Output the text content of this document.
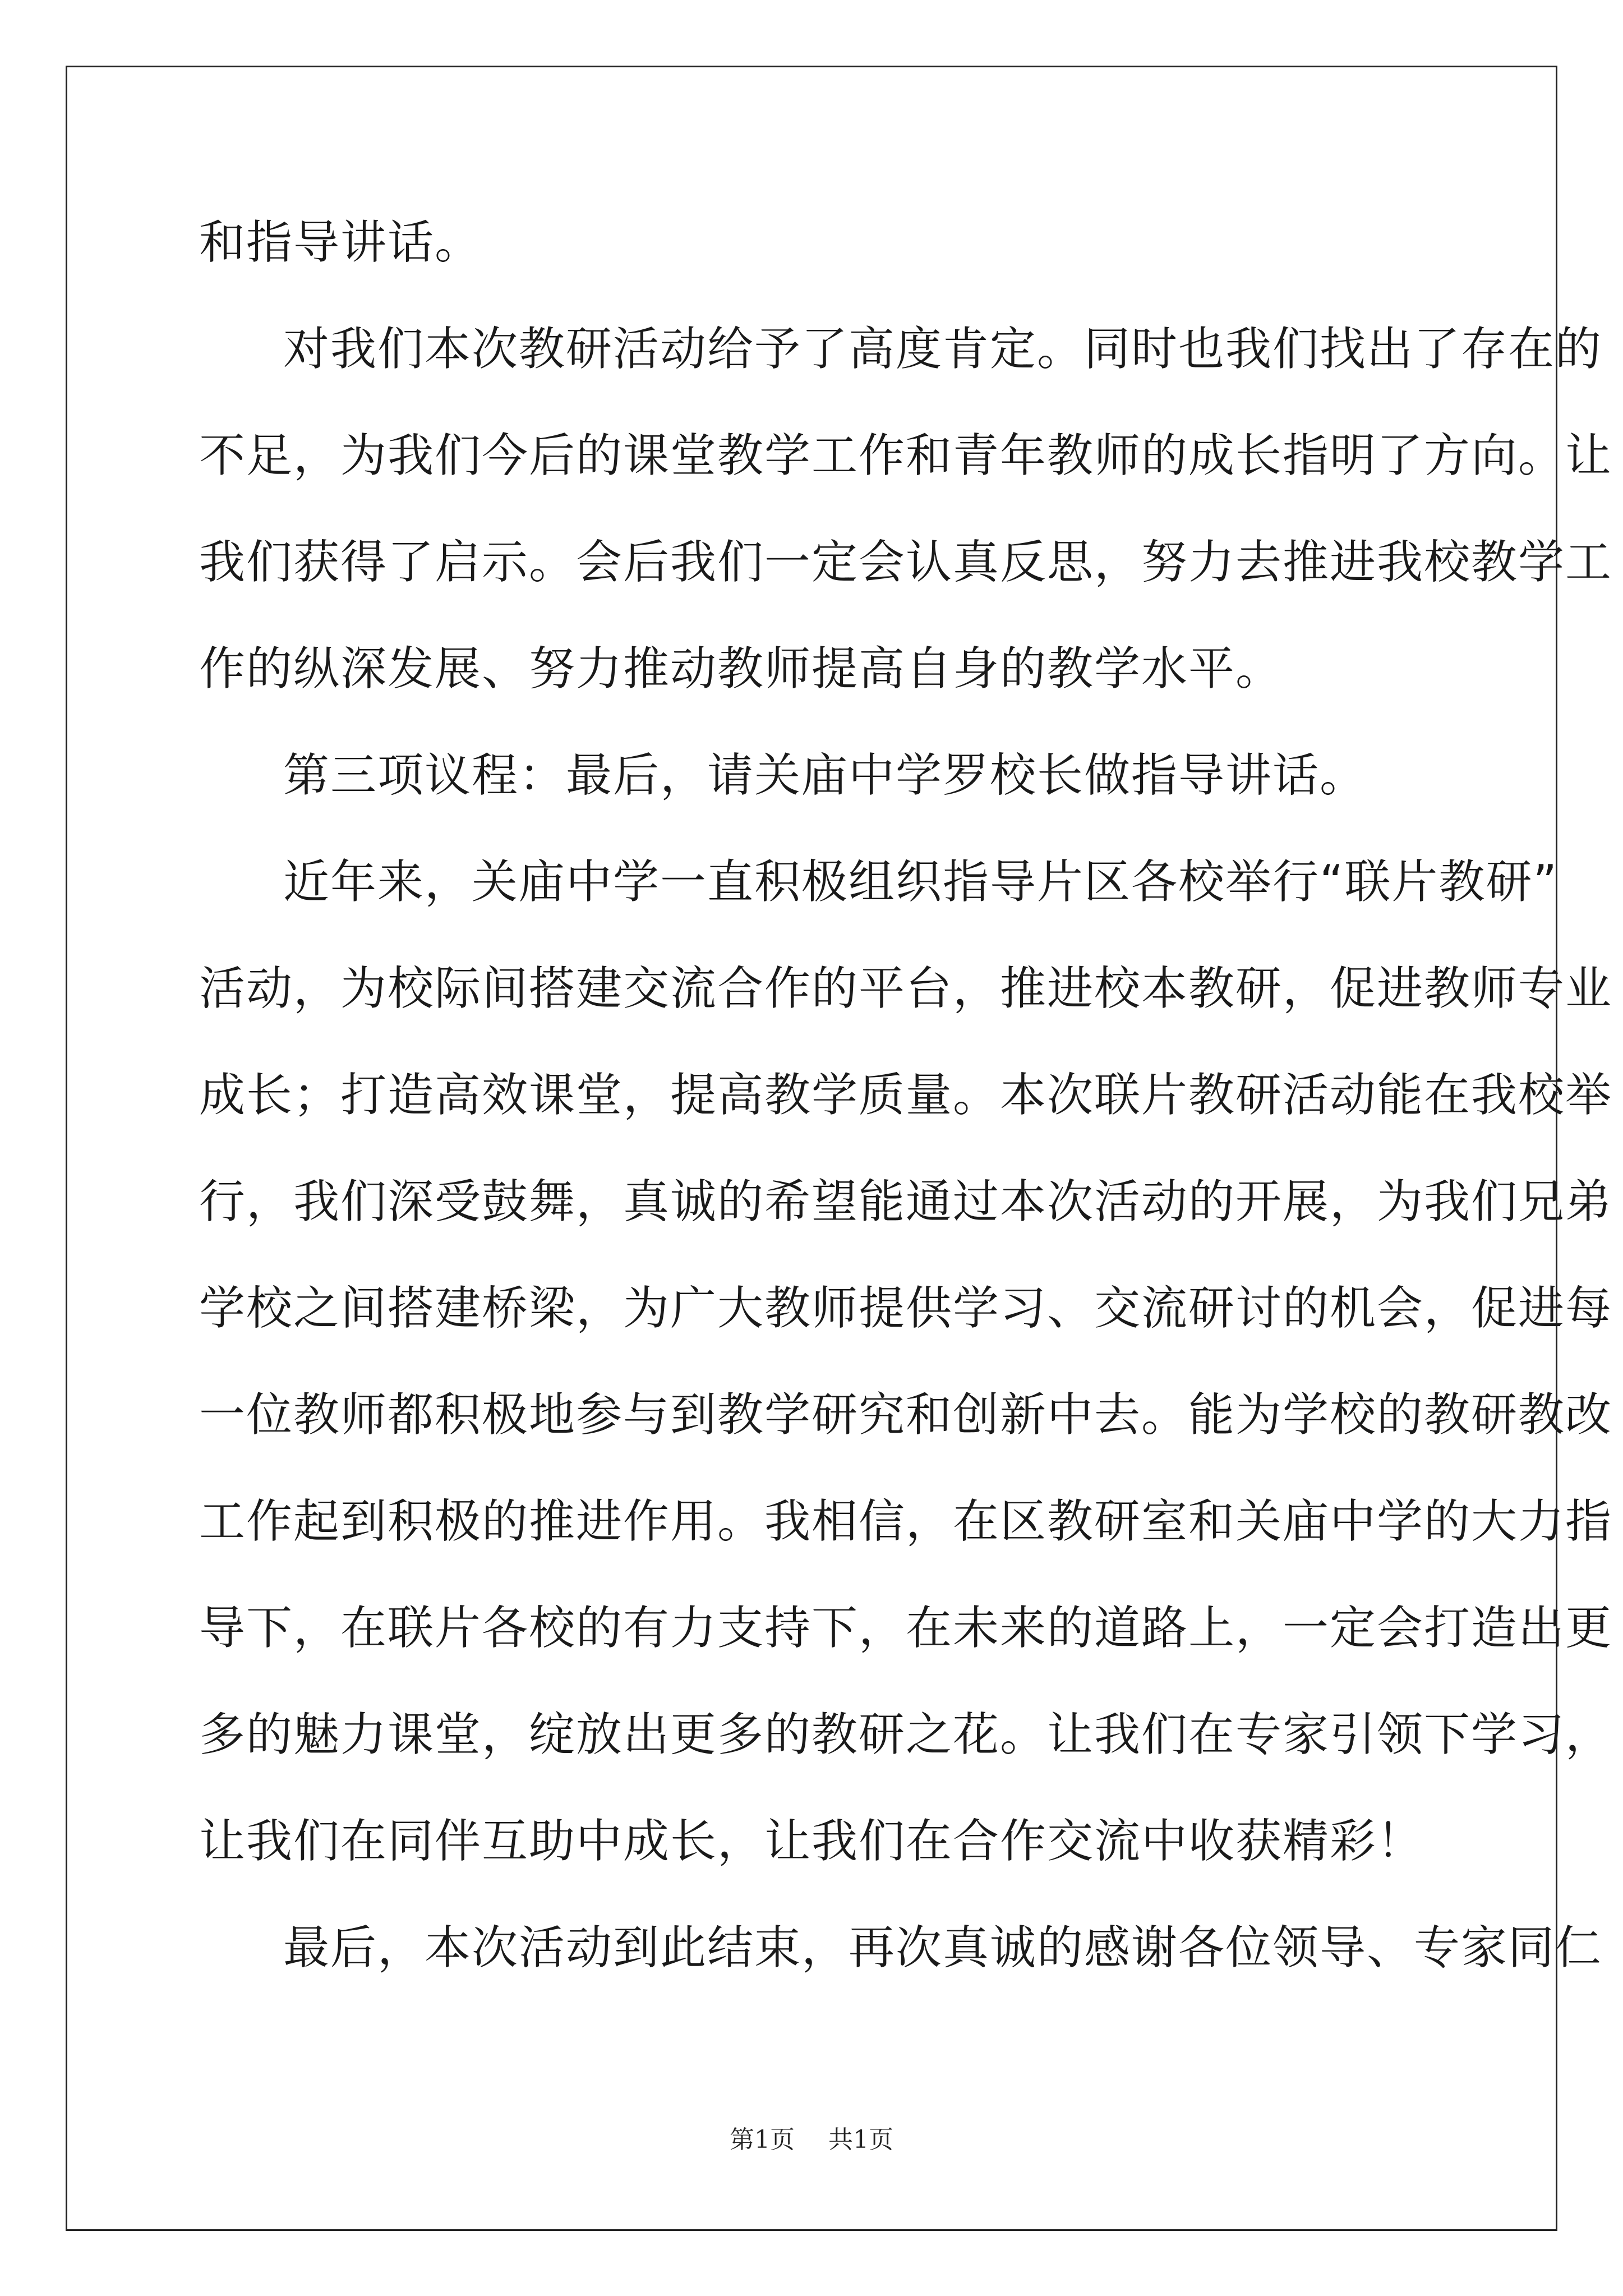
和指导讲话。
对我们本次教研活动给予了高度肯定。同时也我们找出了存在的
不足，为我们今后的课堂教学工作和青年教师的成长指明了方向。让
我们获得了启示。会后我们一定会认真反思，努力去推进我校教学工
作的纵深发展、努力推动教师提高自身的教学水平。
第三项议程：最后，请关庙中学罗校长做指导讲话。
近年来，关庙中学一直积极组织指导片区各校举行“联片教研”
活动，为校际间搭建交流合作的平台，推进校本教研，促进教师专业
成长；打造高效课堂，提高教学质量。本次联片教研活动能在我校举
行，我们深受鼓舞，真诚的希望能通过本次活动的开展，为我们兄弟
学校之间搭建桥梁，为广大教师提供学习、交流研讨的机会，促进每
一位教师都积极地参与到教学研究和创新中去。能为学校的教研教改
工作起到积极的推进作用。我相信，在区教研室和关庙中学的大力指
导下，在联片各校的有力支持下，在未来的道路上，一定会打造出更
多的魅力课堂，绽放出更多的教研之花。让我们在专家引领下学习，
让我们在同伴互助中成长，让我们在合作交流中收获精彩！
最后，本次活动到此结束，再次真诚的感谢各位领导、专家同仁
第1页 共1页
